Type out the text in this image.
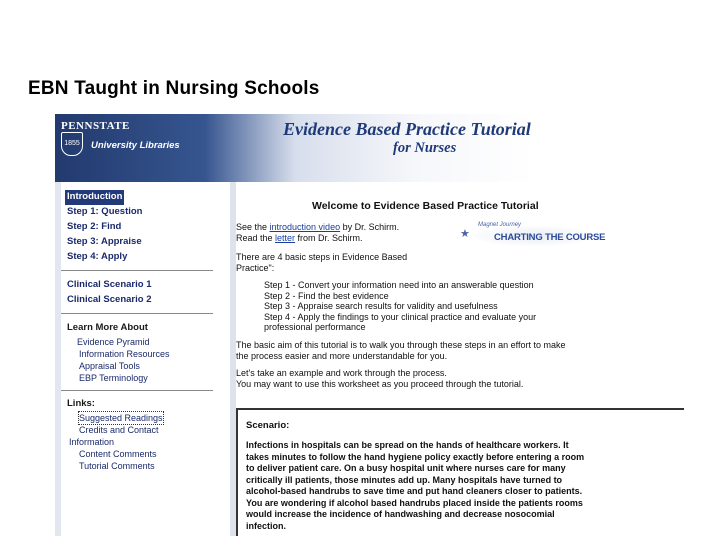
EBN Taught in Nursing Schools
PENNSTATE
1855	University Libraries
Evidence Based Practice Tutorial
for Nurses
Introduction
Step 1: Question
Step 2: Find
Step 3: Appraise
Step 4: Apply
Clinical Scenario 1
Clinical Scenario 2
Learn More About
Evidence Pyramid
Information Resources
Appraisal Tools
EBP Terminology
Links:
Suggested Readings
Credits and Contact
Information
Content Comments
Tutorial Comments
Welcome to Evidence Based Practice Tutorial
See the introduction video by Dr. Schirm.
Read the letter from Dr. Schirm.
Magnet Journey
CHARTING THE COURSE
★
There are 4 basic steps in Evidence Based
Practice":
Step 1 - Convert your information need into an answerable question
Step 2 - Find the best evidence
Step 3 - Appraise search results for validity and usefulness
Step 4 - Apply the findings to your clinical practice and evaluate your
professional performance
The basic aim of this tutorial is to walk you through these steps in an effort to make
the process easier and more understandable for you.
Let's take an example and work through the process.
You may want to use this worksheet as you proceed through the tutorial.
Scenario:
Infections in hospitals can be spread on the hands of healthcare workers. It
takes minutes to follow the hand hygiene policy exactly before entering a room
to deliver patient care. On a busy hospital unit where nurses care for many
critically ill patients, those minutes add up. Many hospitals have turned to
alcohol-based handrubs to save time and put hand cleaners closer to patients.
You are wondering if alcohol based handrubs placed inside the patients rooms
would increase the incidence of handwashing and decrease nosocomial
infection.
